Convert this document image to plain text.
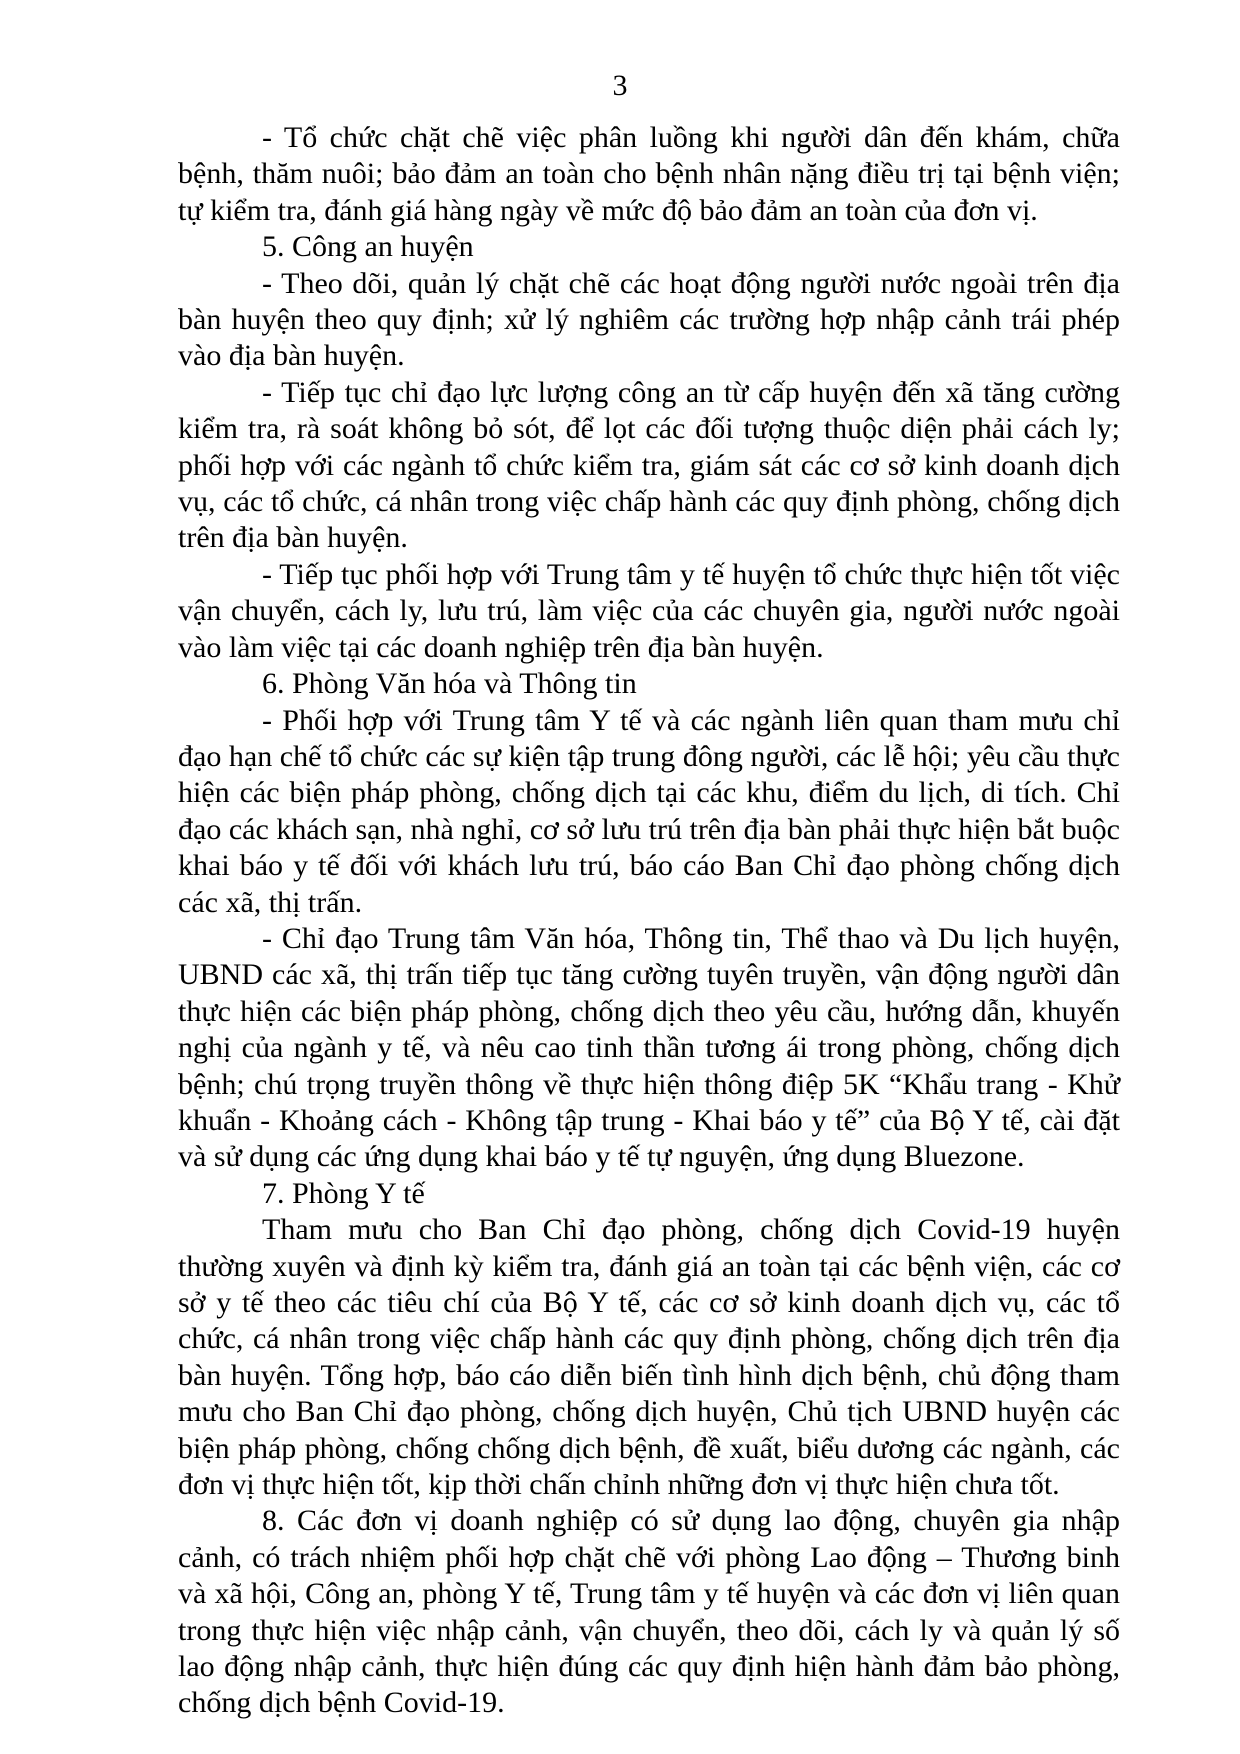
3

- Tổ chức chặt chẽ việc phân luồng khi người dân đến khám, chữa bệnh, thăm nuôi; bảo đảm an toàn cho bệnh nhân nặng điều trị tại bệnh viện; tự kiểm tra, đánh giá hàng ngày về mức độ bảo đảm an toàn của đơn vị.

5. Công an huyện

- Theo dõi, quản lý chặt chẽ các hoạt động người nước ngoài trên địa bàn huyện theo quy định; xử lý nghiêm các trường hợp nhập cảnh trái phép vào địa bàn huyện.

- Tiếp tục chỉ đạo lực lượng công an từ cấp huyện đến xã tăng cường kiểm tra, rà soát không bỏ sót, để lọt các đối tượng thuộc diện phải cách ly; phối hợp với các ngành tổ chức kiểm tra, giám sát các cơ sở kinh doanh dịch vụ, các tổ chức, cá nhân trong việc chấp hành các quy định phòng, chống dịch trên địa bàn huyện.

- Tiếp tục phối hợp với Trung tâm y tế huyện tổ chức thực hiện tốt việc vận chuyển, cách ly, lưu trú, làm việc của các chuyên gia, người nước ngoài vào làm việc tại các doanh nghiệp trên địa bàn huyện.

6. Phòng Văn hóa và Thông tin

- Phối hợp với Trung tâm Y tế và các ngành liên quan tham mưu chỉ đạo hạn chế tổ chức các sự kiện tập trung đông người, các lễ hội; yêu cầu thực hiện các biện pháp phòng, chống dịch tại các khu, điểm du lịch, di tích. Chỉ đạo các khách sạn, nhà nghỉ, cơ sở lưu trú trên địa bàn phải thực hiện bắt buộc khai báo y tế đối với khách lưu trú, báo cáo Ban Chỉ đạo phòng chống dịch các xã, thị trấn.

- Chỉ đạo Trung tâm Văn hóa, Thông tin, Thể thao và Du lịch huyện, UBND các xã, thị trấn tiếp tục tăng cường tuyên truyền, vận động người dân thực hiện các biện pháp phòng, chống dịch theo yêu cầu, hướng dẫn, khuyến nghị của ngành y tế, và nêu cao tinh thần tương ái trong phòng, chống dịch bệnh; chú trọng truyền thông về thực hiện thông điệp 5K “Khẩu trang - Khử khuẩn - Khoảng cách - Không tập trung - Khai báo y tế” của Bộ Y tế, cài đặt và sử dụng các ứng dụng khai báo y tế tự nguyện, ứng dụng Bluezone.

7. Phòng Y tế

Tham mưu cho Ban Chỉ đạo phòng, chống dịch Covid-19 huyện thường xuyên và định kỳ kiểm tra, đánh giá an toàn tại các bệnh viện, các cơ sở y tế theo các tiêu chí của Bộ Y tế, các cơ sở kinh doanh dịch vụ, các tổ chức, cá nhân trong việc chấp hành các quy định phòng, chống dịch trên địa bàn huyện. Tổng hợp, báo cáo diễn biến tình hình dịch bệnh, chủ động tham mưu cho Ban Chỉ đạo phòng, chống dịch huyện, Chủ tịch UBND huyện các biện pháp phòng, chống chống dịch bệnh, đề xuất, biểu dương các ngành, các đơn vị thực hiện tốt, kịp thời chấn chỉnh những đơn vị thực hiện chưa tốt.

8. Các đơn vị doanh nghiệp có sử dụng lao động, chuyên gia nhập cảnh, có trách nhiệm phối hợp chặt chẽ với phòng Lao động – Thương binh và xã hội, Công an, phòng Y tế, Trung tâm y tế huyện và các đơn vị liên quan trong thực hiện việc nhập cảnh, vận chuyển, theo dõi, cách ly và quản lý số lao động nhập cảnh, thực hiện đúng các quy định hiện hành đảm bảo phòng, chống dịch bệnh Covid-19.
